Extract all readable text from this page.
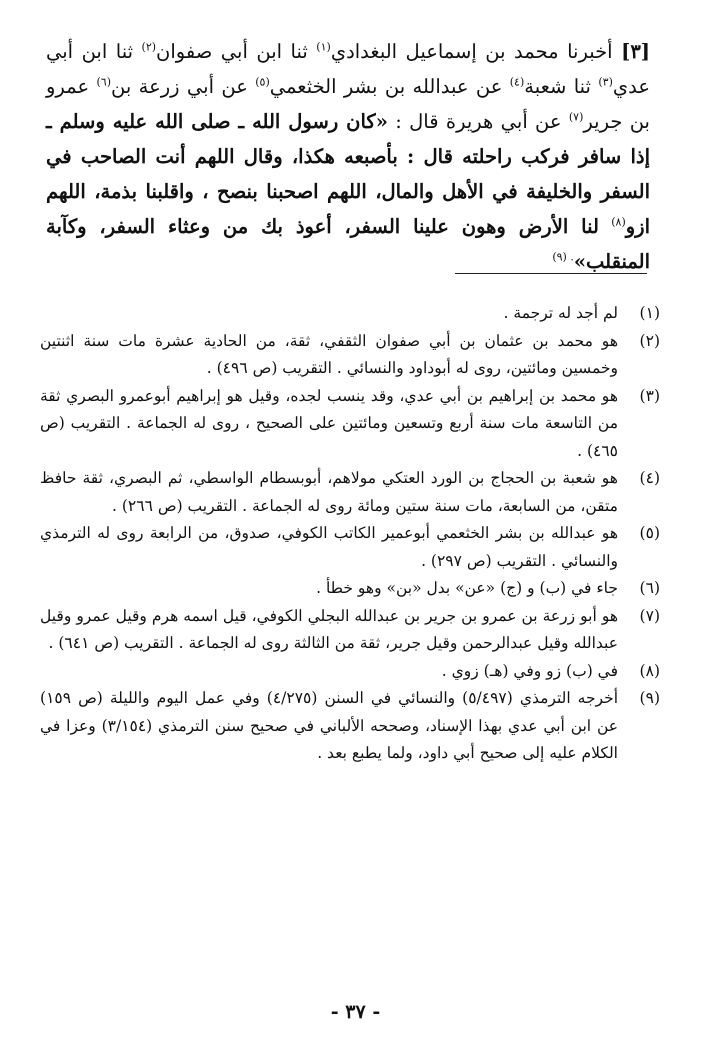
[٣] أخبرنا محمد بن إسماعيل البغدادي$^{(١)}$ ثنا ابن أبي صفوان$^{(٢)}$ ثنا ابن أبي عدي$^{(٣)}$ ثنا شعبة$^{(٤)}$ عن عبدالله بن بشر الخثعمي$^{(٥)}$ عن أبي زرعة بن$^{(٦)}$ عمرو بن جرير$^{(٧)}$ عن أبي هريرة قال : «كان رسول الله ـ صلى الله عليه وسلم ـ إذا سافر فركب راحلته قال : بأصبعه هكذا، وقال اللهم أنت الصاحب في السفر والخليفة في الأهل والمال، اللهم اصحبنا بنصح ، واقلبنا بذمة، اللهم ازو$^{(٨)}$ لنا الأرض وهون علينا السفر، أعوذ بك من وعثاء السفر، وكآبة المنقلب»$^{. (٩)}$

(١)
لم أجد له ترجمة .
(٢)
هو محمد بن عثمان بن أبي صفوان الثقفي، ثقة، من الحادية عشرة مات سنة اثنتين وخمسين ومائتين، روى له أبوداود والنسائي . التقريب (ص ٤٩٦) .
(٣)
هو محمد بن إبراهيم بن أبي عدي، وقد ينسب لجده، وقيل هو إبراهيم أبوعمرو البصري ثقة من التاسعة مات سنة أربع وتسعين ومائتين على الصحيح ، روى له الجماعة . التقريب (ص ٤٦٥) .
(٤)
هو شعبة بن الحجاج بن الورد العتكي مولاهم، أبوبسطام الواسطي، ثم البصري، ثقة حافظ متقن، من السابعة، مات سنة ستين ومائة روى له الجماعة . التقريب (ص ٢٦٦) .
(٥)
هو عبدالله بن بشر الخثعمي أبوعمير الكاتب الكوفي، صدوق، من الرابعة روى له الترمذي والنسائي . التقريب (ص ٢٩٧) .
(٦)
جاء في (ب) و (ج) «عن» بدل «بن» وهو خطأ .
(٧)
هو أبو زرعة بن عمرو بن جرير بن عبدالله البجلي الكوفي، قيل اسمه هرم وقيل عمرو وقيل عبدالله وقيل عبدالرحمن وقيل جرير، ثقة من الثالثة روى له الجماعة . التقريب (ص ٦٤١) .
(٨)
في (ب) زو وفي (هـ) زوي .
(٩)
أخرجه الترمذي (٥/٤٩٧) والنسائي في السنن (٤/٢٧٥) وفي عمل اليوم والليلة (ص ١٥٩) عن ابن أبي عدي بهذا الإسناد، وصححه الألباني في صحيح سنن الترمذي (٣/١٥٤) وعزا في الكلام عليه إلى صحيح أبي داود، ولما يطبع بعد .
- ٣٧ -
